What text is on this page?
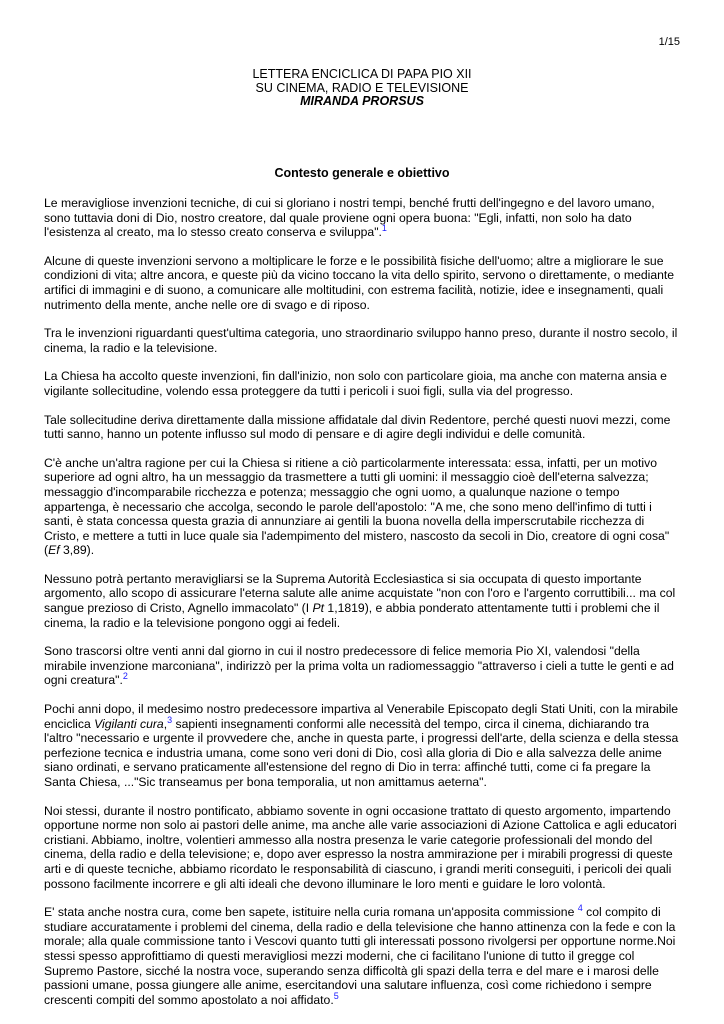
1/15
LETTERA ENCICLICA DI PAPA PIO XII
SU CINEMA, RADIO E TELEVISIONE
MIRANDA PRORSUS
Contesto generale e obiettivo

Le meravigliose invenzioni tecniche, di cui si gloriano i nostri tempi, benché frutti dell'ingegno e del lavoro umano, sono tuttavia doni di Dio, nostro creatore, dal quale proviene ogni opera buona: "Egli, infatti, non solo ha dato l'esistenza al creato, ma lo stesso creato conserva e sviluppa".$^1$

Alcune di queste invenzioni servono a moltiplicare le forze e le possibilità fisiche dell'uomo; altre a migliorare le sue condizioni di vita; altre ancora, e queste più da vicino toccano la vita dello spirito, servono o direttamente, o mediante artifici di immagini e di suono, a comunicare alle moltitudini, con estrema facilità, notizie, idee e insegnamenti, quali nutrimento della mente, anche nelle ore di svago e di riposo.

Tra le invenzioni riguardanti quest'ultima categoria, uno straordinario sviluppo hanno preso, durante il nostro secolo, il cinema, la radio e la televisione.

La Chiesa ha accolto queste invenzioni, fin dall'inizio, non solo con particolare gioia, ma anche con materna ansia e vigilante sollecitudine, volendo essa proteggere da tutti i pericoli i suoi figli, sulla via del progresso.

Tale sollecitudine deriva direttamente dalla missione affidatale dal divin Redentore, perché questi nuovi mezzi, come tutti sanno, hanno un potente influsso sul modo di pensare e di agire degli individui e delle comunità.

C'è anche un'altra ragione per cui la Chiesa si ritiene a ciò particolarmente interessata: essa, infatti, per un motivo superiore ad ogni altro, ha un messaggio da trasmettere a tutti gli uomini: il messaggio cioè dell'eterna salvezza; messaggio d'incomparabile ricchezza e potenza; messaggio che ogni uomo, a qualunque nazione o tempo appartenga, è necessario che accolga, secondo le parole dell'apostolo: "A me, che sono meno dell'infimo di tutti i santi, è stata concessa questa grazia di annunziare ai gentili la buona novella della imperscrutabile ricchezza di Cristo, e mettere a tutti in luce quale sia l'adempimento del mistero, nascosto da secoli in Dio, creatore di ogni cosa" (Ef 3,89).

Nessuno potrà pertanto meravigliarsi se la Suprema Autorità Ecclesiastica si sia occupata di questo importante argomento, allo scopo di assicurare l'eterna salute alle anime acquistate "non con l'oro e l'argento corruttibili... ma col sangue prezioso di Cristo, Agnello immacolato" (I Pt 1,1819), e abbia ponderato attentamente tutti i problemi che il cinema, la radio e la televisione pongono oggi ai fedeli.

Sono trascorsi oltre venti anni dal giorno in cui il nostro predecessore di felice memoria Pio XI, valendosi "della mirabile invenzione marconiana", indirizzò per la prima volta un radiomessaggio "attraverso i cieli a tutte le genti e ad ogni creatura".$^2$

Pochi anni dopo, il medesimo nostro predecessore impartiva al Venerabile Episcopato degli Stati Uniti, con la mirabile enciclica Vigilanti cura,$^3$ sapienti insegnamenti conformi alle necessità del tempo, circa il cinema, dichiarando tra l'altro "necessario e urgente il provvedere che, anche in questa parte, i progressi dell'arte, della scienza e della stessa perfezione tecnica e industria umana, come sono veri doni di Dio, così alla gloria di Dio e alla salvezza delle anime siano ordinati, e servano praticamente all'estensione del regno di Dio in terra: affinché tutti, come ci fa pregare la Santa Chiesa, ..."Sic transeamus per bona temporalia, ut non amittamus aeterna".

Noi stessi, durante il nostro pontificato, abbiamo sovente in ogni occasione trattato di questo argomento, impartendo opportune norme non solo ai pastori delle anime, ma anche alle varie associazioni di Azione Cattolica e agli educatori cristiani. Abbiamo, inoltre, volentieri ammesso alla nostra presenza le varie categorie professionali del mondo del cinema, della radio e della televisione; e, dopo aver espresso la nostra ammirazione per i mirabili progressi di queste arti e di queste tecniche, abbiamo ricordato le responsabilità di ciascuno, i grandi meriti conseguiti, i pericoli dei quali possono facilmente incorrere e gli alti ideali che devono illuminare le loro menti e guidare le loro volontà.

E' stata anche nostra cura, come ben sapete, istituire nella curia romana un'apposita commissione $^4$ col compito di studiare accuratamente i problemi del cinema, della radio e della televisione che hanno attinenza con la fede e con la morale; alla quale commissione tanto i Vescovi quanto tutti gli interessati possono rivolgersi per opportune norme.Noi stessi spesso approfittiamo di questi meravigliosi mezzi moderni, che ci facilitano l'unione di tutto il gregge col Supremo Pastore, sicché la nostra voce, superando senza difficoltà gli spazi della terra e del mare e i marosi delle passioni umane, possa giungere alle anime, esercitandovi una salutare influenza, così come richiedono i sempre crescenti compiti del sommo apostolato a noi affidato.$^5$
